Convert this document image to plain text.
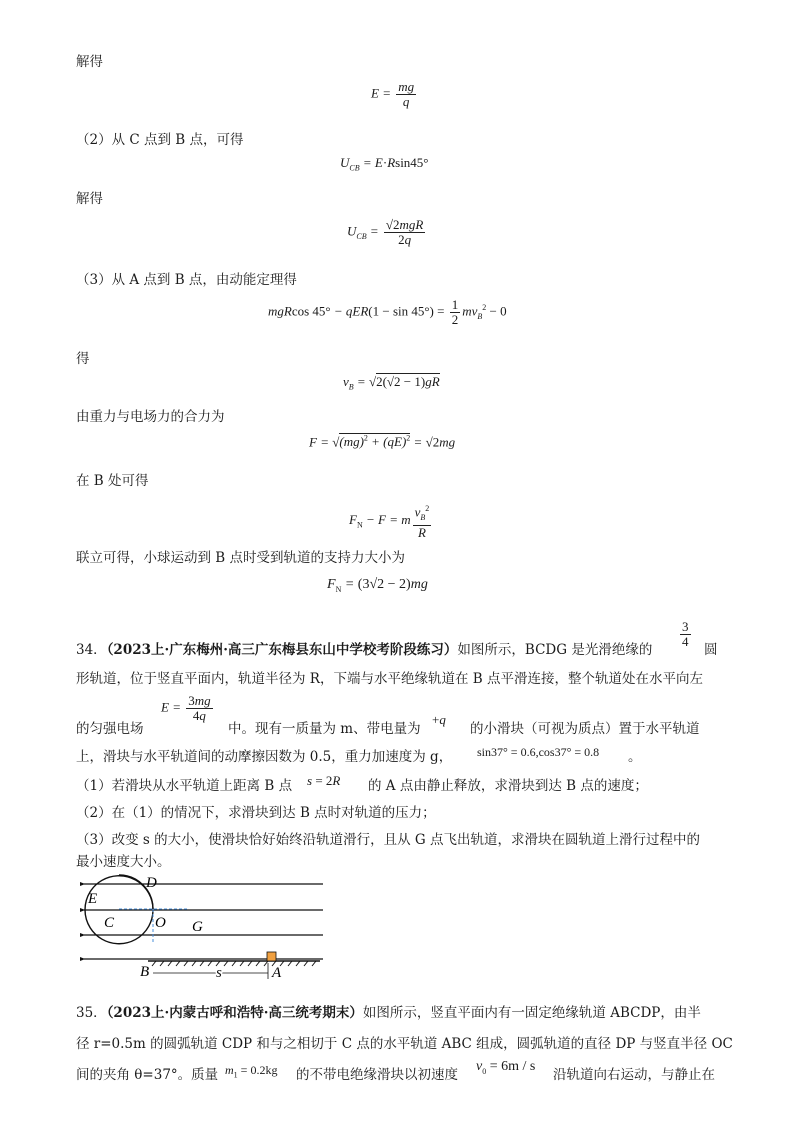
解得
$E = \frac{mg}{q}$
（2）从 C 点到 B 点，可得
$U_{CB} = E\cdot Rsin45^\circ$
解得
$U_{CB} = \frac{\text{√2mgR}}{2q}$
（3）从 A 点到 B 点，由动能定理得
mgRcos $45^\circ - qER(1 - \sin 45^\circ) = \frac{1}{2} mv_B^2 - 0$
得
$v_B = √2(√2 - 1)gR$
由重力与电场力的合力为
F = √(mg)$^2$ + (qE)$^2$ = √2mg
在 B 处可得
$F_N - F = m \frac{v_B^2}{R}$
联立可得，小球运动到 B 点时受到轨道的支持力大小为
$F_N = (3√2 - 2)mg$
34．（2023上·广东梅州·高三广东梅县东山中学校考阶段练习）如图所示，BCDG 是光滑绝缘的
$\frac{3}{4}$
圆
形轨道，位于竖直平面内，轨道半径为 R，下端与水平绝缘轨道在 B 点平滑连接，整个轨道处在水平向左
的匀强电场
$E = \frac{3mg}{4q}$
中。现有一质量为 m、带电量为
+q
的小滑块（可视为质点）置于水平轨道
上，滑块与水平轨道间的动摩擦因数为 0.5，重力加速度为 g， sin37° = 0.6,cos37° = 0.8 。
（1）若滑块从水平轨道上距离 B 点 s = 2R 的 A 点由静止释放，求滑块到达 B 点的速度；
（2）在（1）的情况下，求滑块到达 B 点时对轨道的压力；
（3）改变 s 的大小，使滑块恰好始终沿轨道滑行，且从 G 点飞出轨道，求滑块在圆轨道上滑行过程中的
最小速度大小。
D
E
C	O G
B	s	A
35．（2023上·内蒙古呼和浩特·高三统考期末）如图所示，竖直平面内有一固定绝缘轨道 ABCDP，由半
径 r=0.5m 的圆弧轨道 CDP 和与之相切于 C 点的水平轨道 ABC 组成，圆弧轨道的直径 DP 与竖直半径 OC
间的夹角 θ=37°。质量 $m_1 = 0.2kg$ 的不带电绝缘滑块以初速度
$v_0 = 6m / s$
沿轨道向右运动，与静止在
